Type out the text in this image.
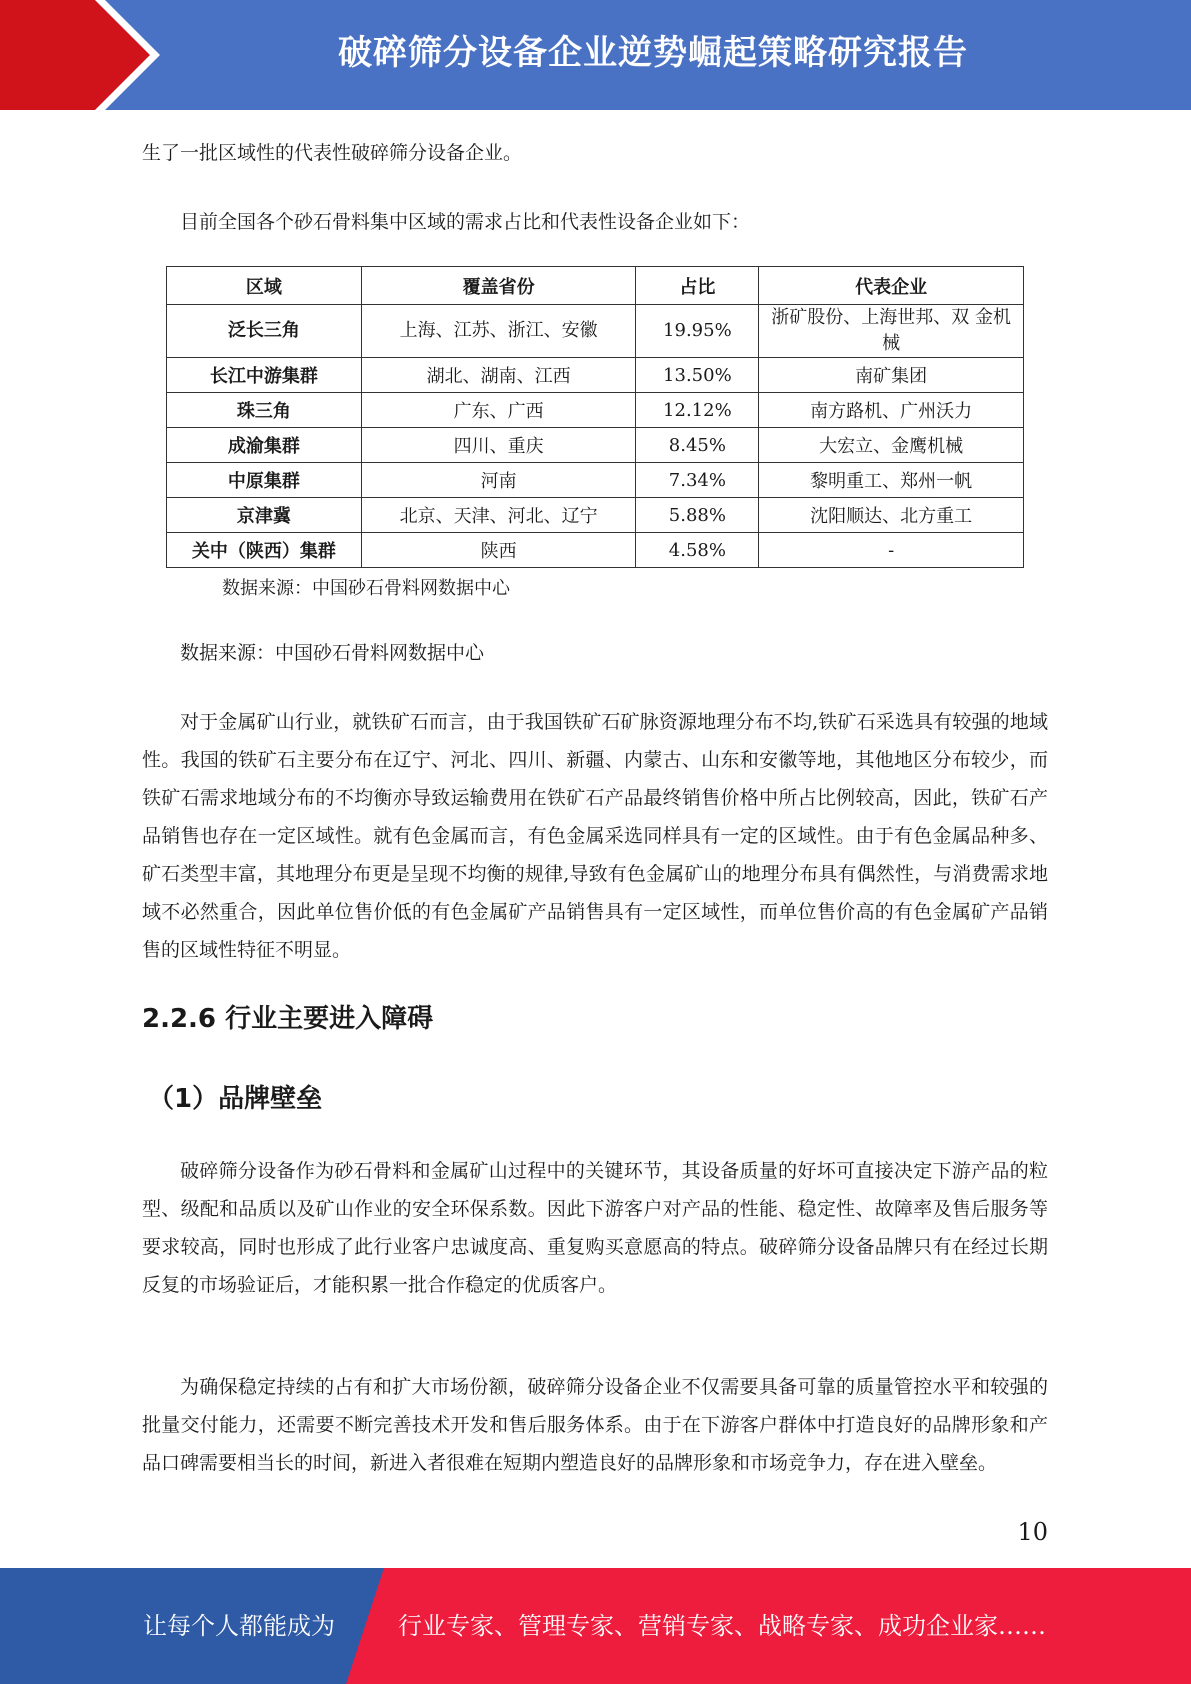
破碎筛分设备企业逆势崛起策略研究报告
生了一批区域性的代表性破碎筛分设备企业。
目前全国各个砂石骨料集中区域的需求占比和代表性设备企业如下：
区域	覆盖省份	占比	代表企业
泛长三角	上海、江苏、浙江、安徽	19.95%	浙矿股份、上海世邦、双 金机械
长江中游集群	湖北、湖南、江西	13.50%	南矿集团
珠三角	广东、广西	12.12%	南方路机、广州沃力
成渝集群	四川、重庆	8.45%	大宏立、金鹰机械
中原集群	河南	7.34%	黎明重工、郑州一帆
京津冀	北京、天津、河北、辽宁	5.88%	沈阳顺达、北方重工
关中（陕西）集群	陕西	4.58%	-
数据来源：中国砂石骨料网数据中心
数据来源：中国砂石骨料网数据中心
对于金属矿山行业，就铁矿石而言，由于我国铁矿石矿脉资源地理分布不均,铁矿石采选具有较强的地域性。我国的铁矿石主要分布在辽宁、河北、四川、新疆、内蒙古、山东和安徽等地，其他地区分布较少，而铁矿石需求地域分布的不均衡亦导致运输费用在铁矿石产品最终销售价格中所占比例较高，因此，铁矿石产品销售也存在一定区域性。就有色金属而言，有色金属采选同样具有一定的区域性。由于有色金属品种多、矿石类型丰富，其地理分布更是呈现不均衡的规律,导致有色金属矿山的地理分布具有偶然性，与消费需求地域不必然重合，因此单位售价低的有色金属矿产品销售具有一定区域性，而单位售价高的有色金属矿产品销售的区域性特征不明显。
2.2.6 行业主要进入障碍
（1）品牌壁垒
破碎筛分设备作为砂石骨料和金属矿山过程中的关键环节，其设备质量的好坏可直接决定下游产品的粒型、级配和品质以及矿山作业的安全环保系数。因此下游客户对产品的性能、稳定性、故障率及售后服务等要求较高，同时也形成了此行业客户忠诚度高、重复购买意愿高的特点。破碎筛分设备品牌只有在经过长期反复的市场验证后，才能积累一批合作稳定的优质客户。
为确保稳定持续的占有和扩大市场份额，破碎筛分设备企业不仅需要具备可靠的质量管控水平和较强的批量交付能力，还需要不断完善技术开发和售后服务体系。由于在下游客户群体中打造良好的品牌形象和产品口碑需要相当长的时间，新进入者很难在短期内塑造良好的品牌形象和市场竞争力，存在进入壁垒。
10
让每个人都能成为	行业专家、管理专家、营销专家、战略专家、成功企业家……
